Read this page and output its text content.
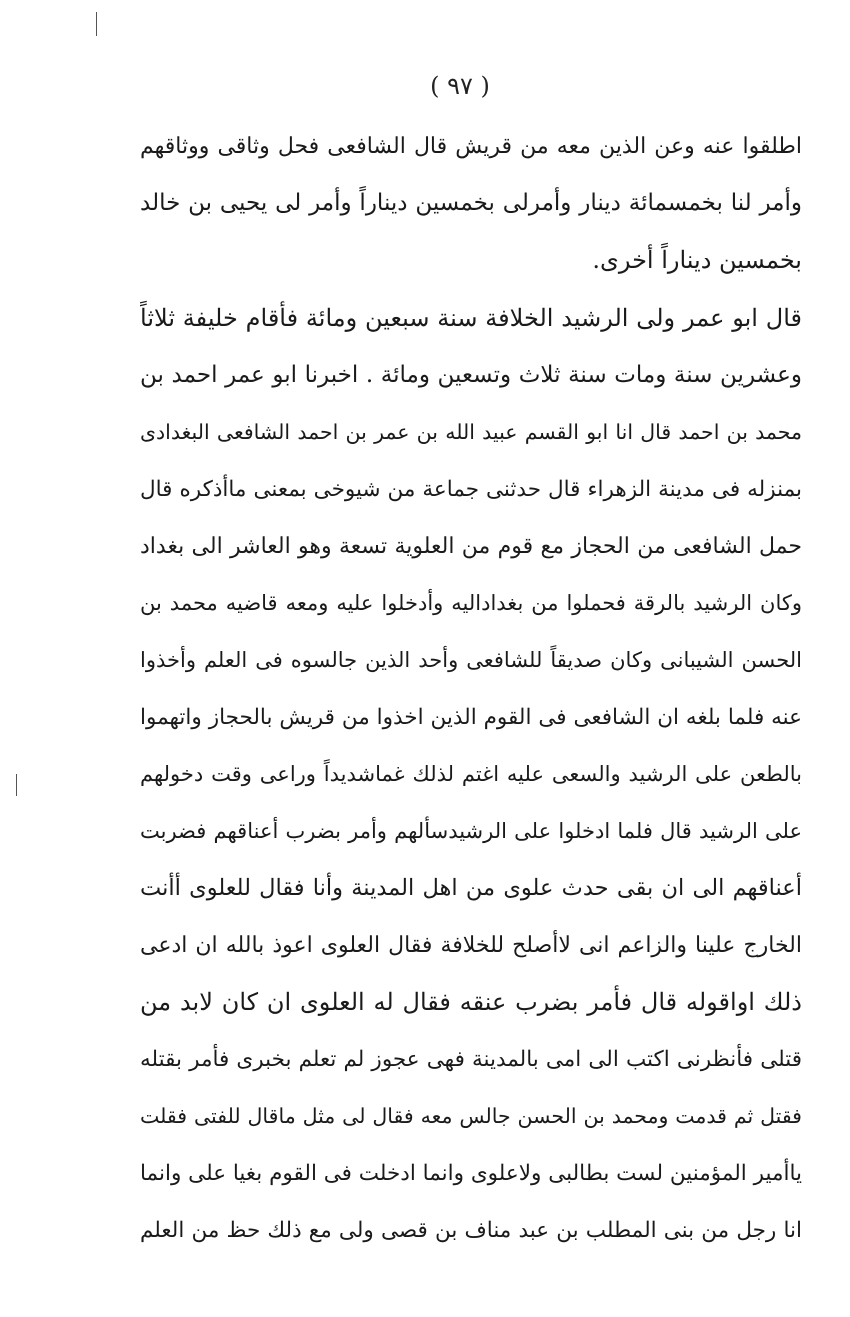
( ٩٧ )
اطلقوا عنه وعن الذين معه من قريش قال الشافعى فحل وثاقى ووثاقهم
وأمر لنا بخمسمائة دينار وأمرلى بخمسين ديناراً وأمر لى يحيى بن خالد
بخمسين ديناراً أخرى.
قال ابو عمر ولى الرشيد الخلافة سنة سبعين ومائة فأقام خليفة ثلاثاً
وعشرين سنة ومات سنة ثلاث وتسعين ومائة . اخبرنا ابو عمر احمد بن
محمد بن احمد قال انا ابو القسم عبيد الله بن عمر بن احمد الشافعى البغدادى
بمنزله فى مدينة الزهراء قال حدثنى جماعة من شيوخى بمعنى ماأذكره قال
حمل الشافعى من الحجاز مع قوم من العلوية تسعة وهو العاشر الى بغداد
وكان الرشيد بالرقة فحملوا من بغداداليه وأدخلوا عليه ومعه قاضيه محمد بن
الحسن الشيبانى وكان صديقاً للشافعى وأحد الذين جالسوه فى العلم وأخذوا
عنه فلما بلغه ان الشافعى فى القوم الذين اخذوا من قريش بالحجاز واتهموا
بالطعن على الرشيد والسعى عليه اغتم لذلك غماشديداً وراعى وقت دخولهم
على الرشيد قال فلما ادخلوا على الرشيدسألهم وأمر بضرب أعناقهم فضربت
أعناقهم الى ان بقى حدث علوى من اهل المدينة وأنا فقال للعلوى أأنت
الخارج علينا والزاعم انى لاأصلح للخلافة فقال العلوى اعوذ بالله ان ادعى
ذلك اواقوله قال فأمر بضرب عنقه فقال له العلوى ان كان لابد من
قتلى فأنظرنى اكتب الى امى بالمدينة فهى عجوز لم تعلم بخبرى فأمر بقتله
فقتل ثم قدمت ومحمد بن الحسن جالس معه فقال لى مثل ماقال للفتى فقلت
ياأمير المؤمنين لست بطالبى ولاعلوى وانما ادخلت فى القوم بغيا على وانما
انا رجل من بنى المطلب بن عبد مناف بن قصى ولى مع ذلك حظ من العلم
